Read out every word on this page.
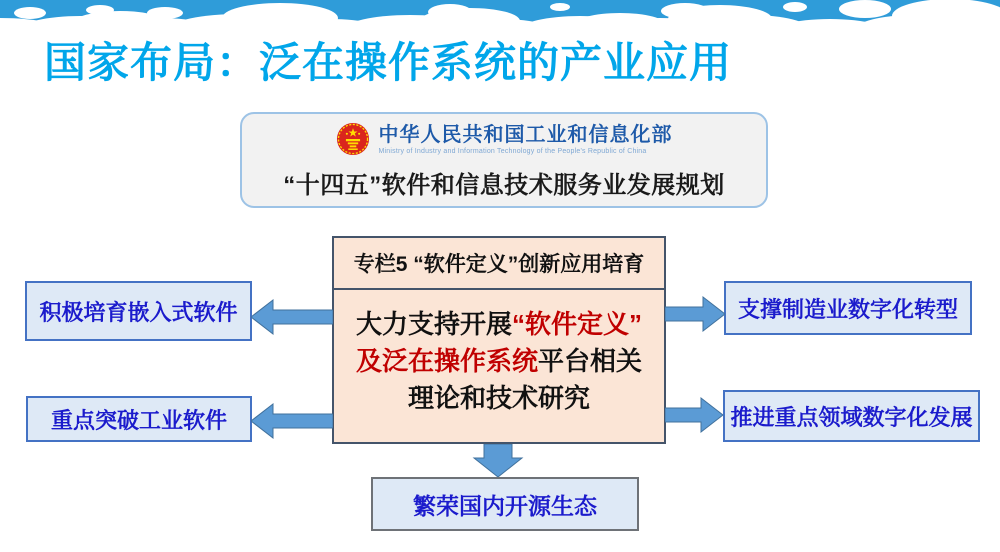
国家布局：泛在操作系统的产业应用
中华人民共和国工业和信息化部
Ministry of Industry and Information Technology of the People's Republic of China
“十四五”软件和信息技术服务业发展规划
专栏5 “软件定义”创新应用培育
大力支持开展“软件定义”
及泛在操作系统平台相关
理论和技术研究
积极培育嵌入式软件
重点突破工业软件
支撑制造业数字化转型
推进重点领域数字化发展
繁荣国内开源生态
